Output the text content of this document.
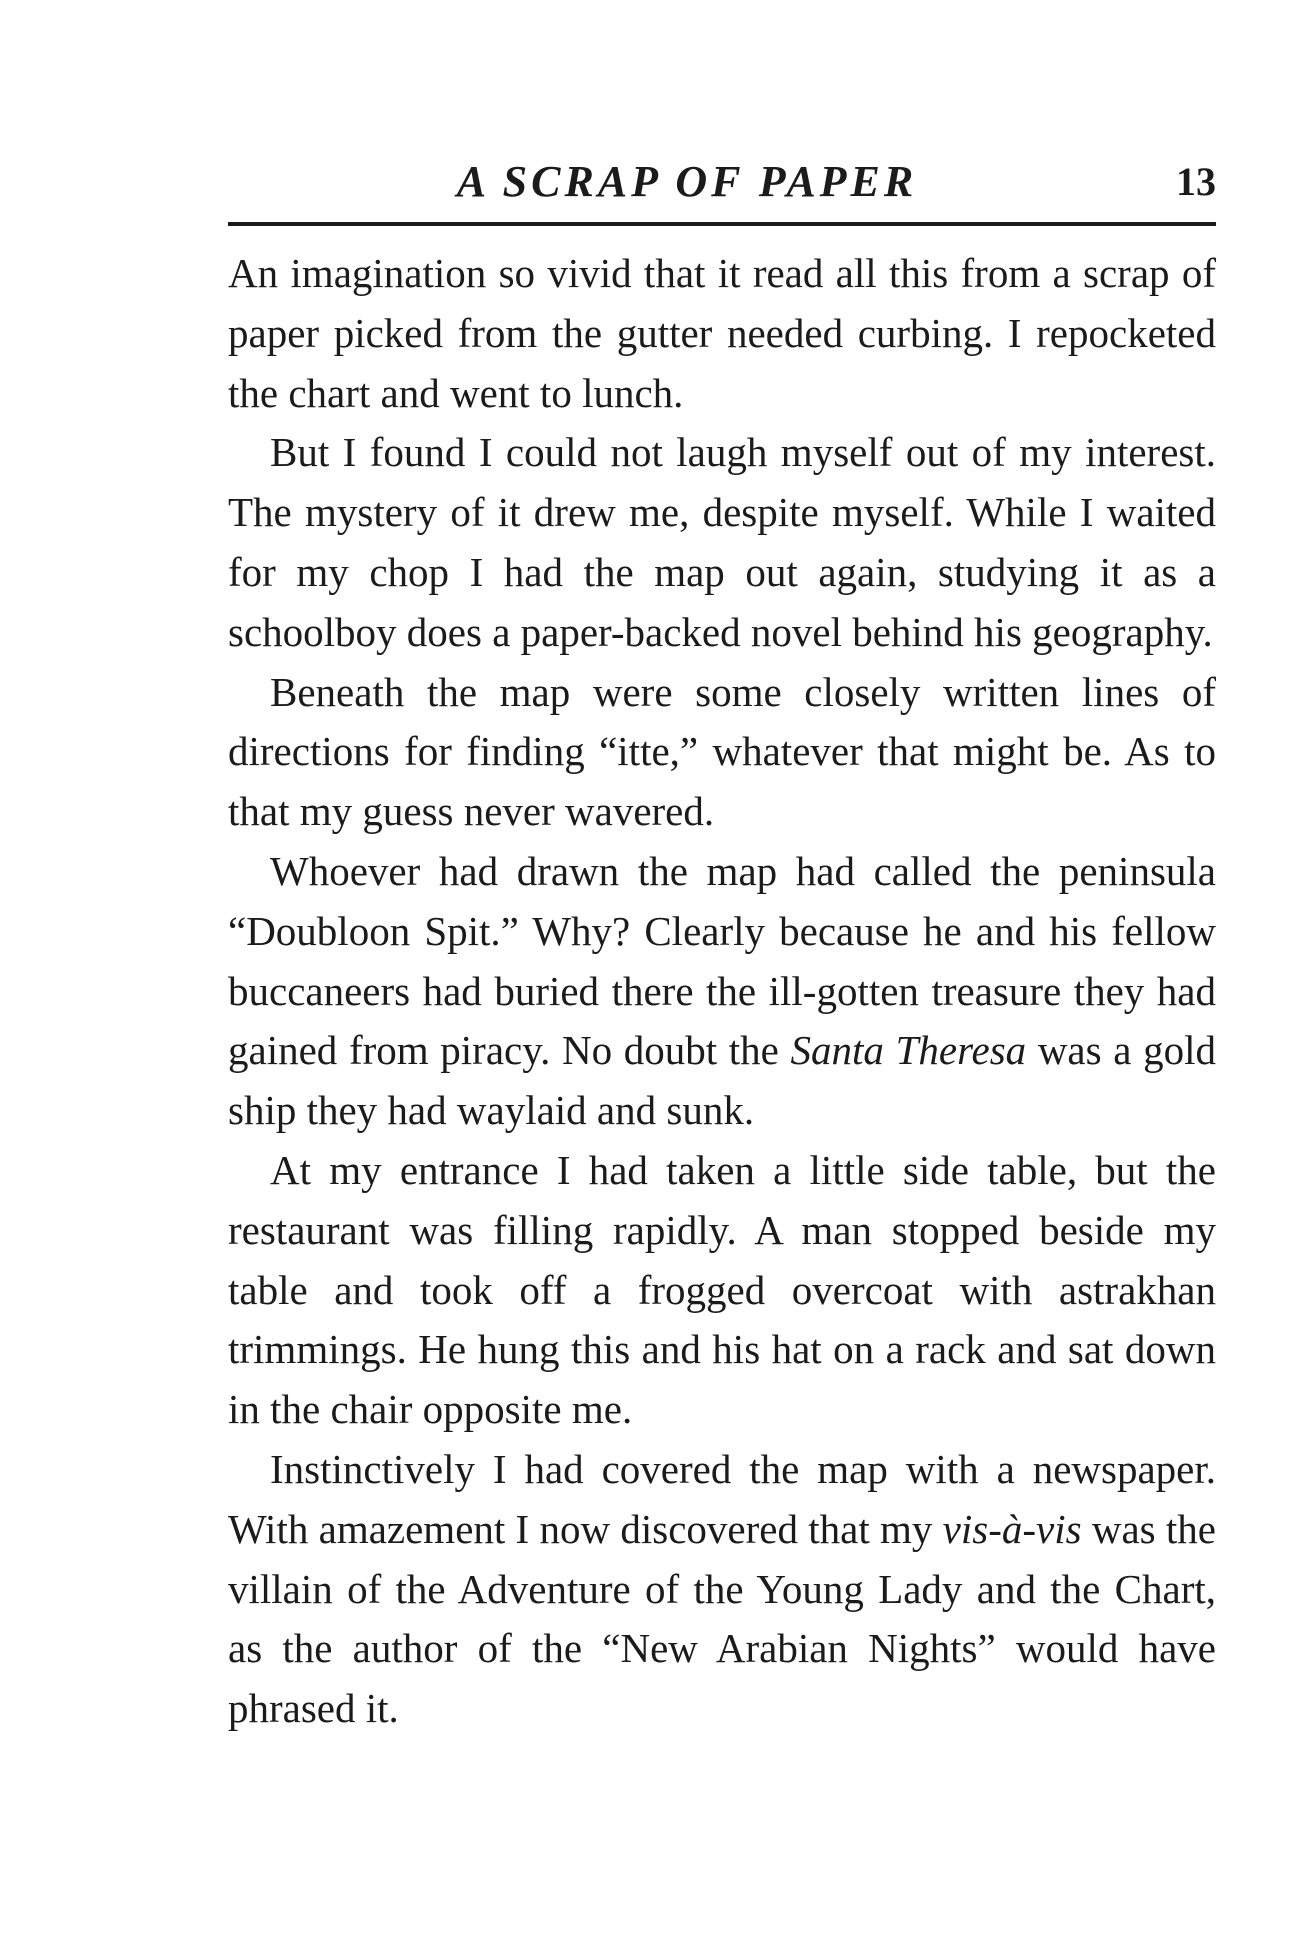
A SCRAP OF PAPER	13

An imagination so vivid that it read all this from a scrap of paper picked from the gutter needed curbing. I repocketed the chart and went to lunch.

But I found I could not laugh myself out of my interest. The mystery of it drew me, despite myself. While I waited for my chop I had the map out again, studying it as a schoolboy does a paper-backed novel behind his geography.

Beneath the map were some closely written lines of directions for finding “itte,” whatever that might be. As to that my guess never wavered.

Whoever had drawn the map had called the peninsula “Doubloon Spit.” Why? Clearly because he and his fellow buccaneers had buried there the ill-gotten treasure they had gained from piracy. No doubt the Santa Theresa was a gold ship they had waylaid and sunk.

At my entrance I had taken a little side table, but the restaurant was filling rapidly. A man stopped beside my table and took off a frogged overcoat with astrakhan trimmings. He hung this and his hat on a rack and sat down in the chair opposite me.

Instinctively I had covered the map with a newspaper. With amazement I now discovered that my vis-à-vis was the villain of the Adventure of the Young Lady and the Chart, as the author of the “New Arabian Nights” would have phrased it.
